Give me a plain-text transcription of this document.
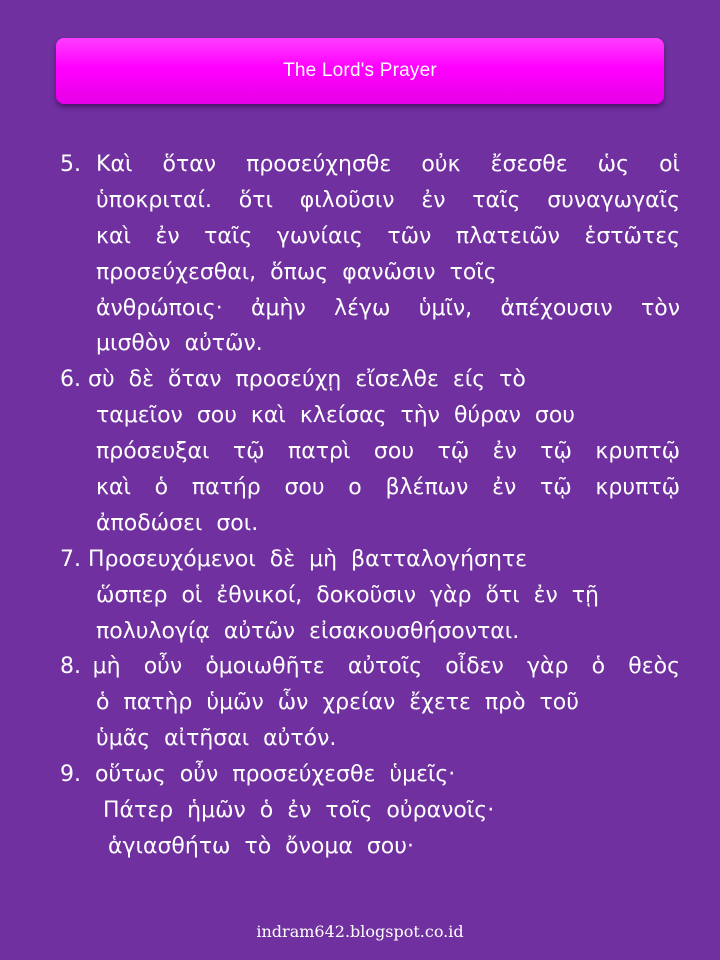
The Lord's Prayer
5. Καὶ  ὅταν  προσεύχησθε  οὐκ  ἔσεσθε  ὡς  οἱ
ὑποκριταί.  ὅτι  φιλοῦσιν  ἐν  ταῖς  συναγωγαῖς
καὶ  ἐν  ταῖς  γωνίαις  τῶν  πλατειῶν  ἑστῶτες
προσεύχεσθαι,  ὅπως  φανῶσιν  τοῖς
ἀνθρώποις·  ἀμὴν  λέγω  ὑμῖν,  ἀπέχουσιν  τὸν
μισθὸν  αὐτῶν.
6. σὺ  δὲ  ὅταν  προσεύχῃ  εἴσελθε  είς  τὸ
ταμεῖον  σου  καὶ  κλείσας  τὴν  θύραν  σου
πρόσευξαι  τῷ  πατρὶ  σου  τῷ  ἐν  τῷ  κρυπτῷ
καὶ  ὁ  πατήρ  σου  ο  βλέπων  ἐν  τῷ  κρυπτῷ
ἀποδώσει  σοι.
7. Προσευχόμενοι  δὲ  μὴ  βατταλογήσητε
ὥσπερ  οἱ  ἐθνικοί,  δοκοῦσιν  γὰρ  ὅτι  ἐν  τῇ
πολυλογίᾳ  αὐτῶν  εἰσακουσθήσονται.
8. μὴ  οὖν  ὁμοιωθῆτε  αὐτοῖς  οἶδεν  γὰρ  ὁ  θεὸς
ὁ  πατὴρ  ὑμῶν  ὧν  χρείαν  ἔχετε  πρὸ  τοῦ
ὑμᾶς  αἰτῆσαι  αὐτόν.
9. οὕτως  οὖν  προσεύχεσθε  ὑμεῖς·
Πάτερ  ἡμῶν  ὁ  ἐν  τοῖς  οὐρανοῖς·
ἁγιασθήτω  τὸ  ὄνομα  σου·
indram642.blogspot.co.id
